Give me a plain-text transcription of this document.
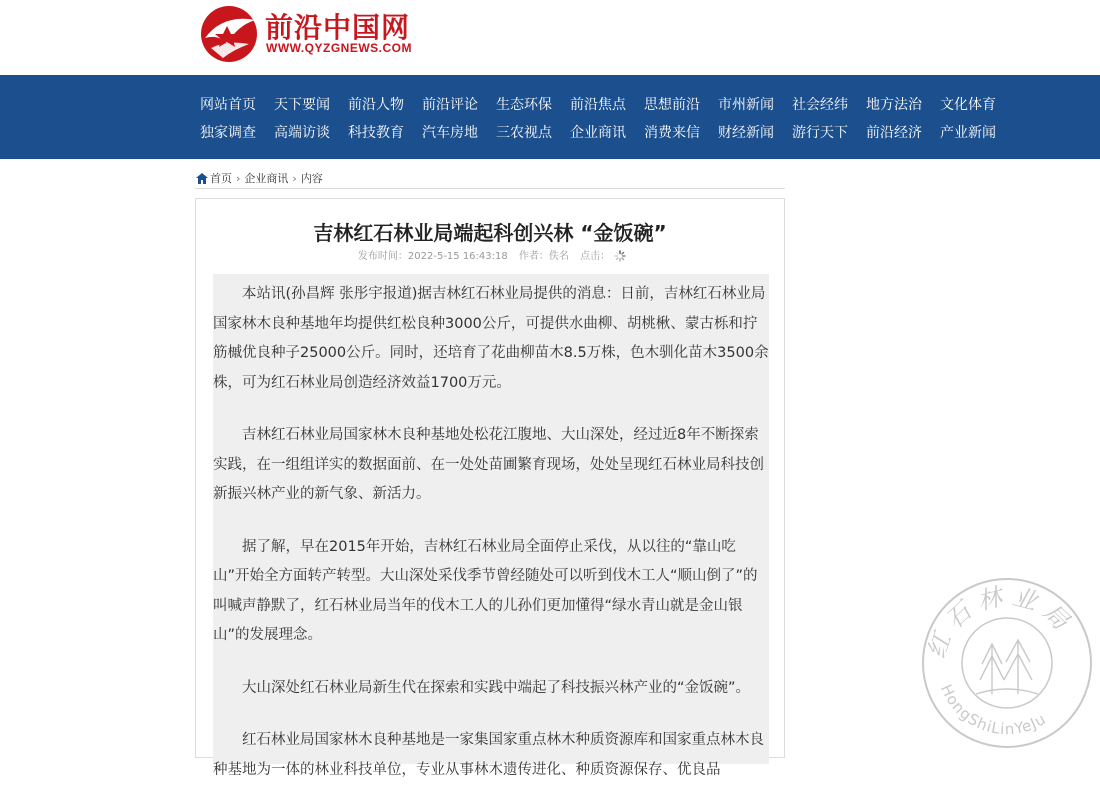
前沿中国网
WWW.QYZGNEWS.COM
网站首页	天下要闻	前沿人物	前沿评论	生态环保	前沿焦点	思想前沿	市州新闻	社会经纬	地方法治	文化体育
独家调查	高端访谈	科技教育	汽车房地	三农视点	企业商讯	消费来信	财经新闻	游行天下	前沿经济	产业新闻
首页 › 企业商讯 › 内容
吉林红石林业局端起科创兴林 “金饭碗”
发布时间：2022-5-15 16:43:18 作者：佚名 点击：

本站讯(孙昌辉 张彤宇报道)据吉林红石林业局提供的消息：日前，吉林红石林业局国家林木良种基地年均提供红松良种3000公斤，可提供水曲柳、胡桃楸、蒙古栎和拧筋槭优良种子25000公斤。同时，还培育了花曲柳苗木8.5万株，色木驯化苗木3500余株，可为红石林业局创造经济效益1700万元。

吉林红石林业局国家林木良种基地处松花江腹地、大山深处，经过近8年不断探索实践，在一组组详实的数据面前、在一处处苗圃繁育现场，处处呈现红石林业局科技创新振兴林产业的新气象、新活力。

据了解，早在2015年开始，吉林红石林业局全面停止采伐，从以往的“靠山吃山”开始全方面转产转型。大山深处采伐季节曾经随处可以听到伐木工人“顺山倒了”的叫喊声静默了，红石林业局当年的伐木工人的儿孙们更加懂得“绿水青山就是金山银山”的发展理念。

大山深处红石林业局新生代在探索和实践中端起了科技振兴林产业的“金饭碗”。

红石林业局国家林木良种基地是一家集国家重点林木种质资源库和国家重点林木良种基地为一体的林业科技单位，专业从事林木遗传进化、种质资源保存、优良品

红 石 林 业 局
HongShiLinYeJu
